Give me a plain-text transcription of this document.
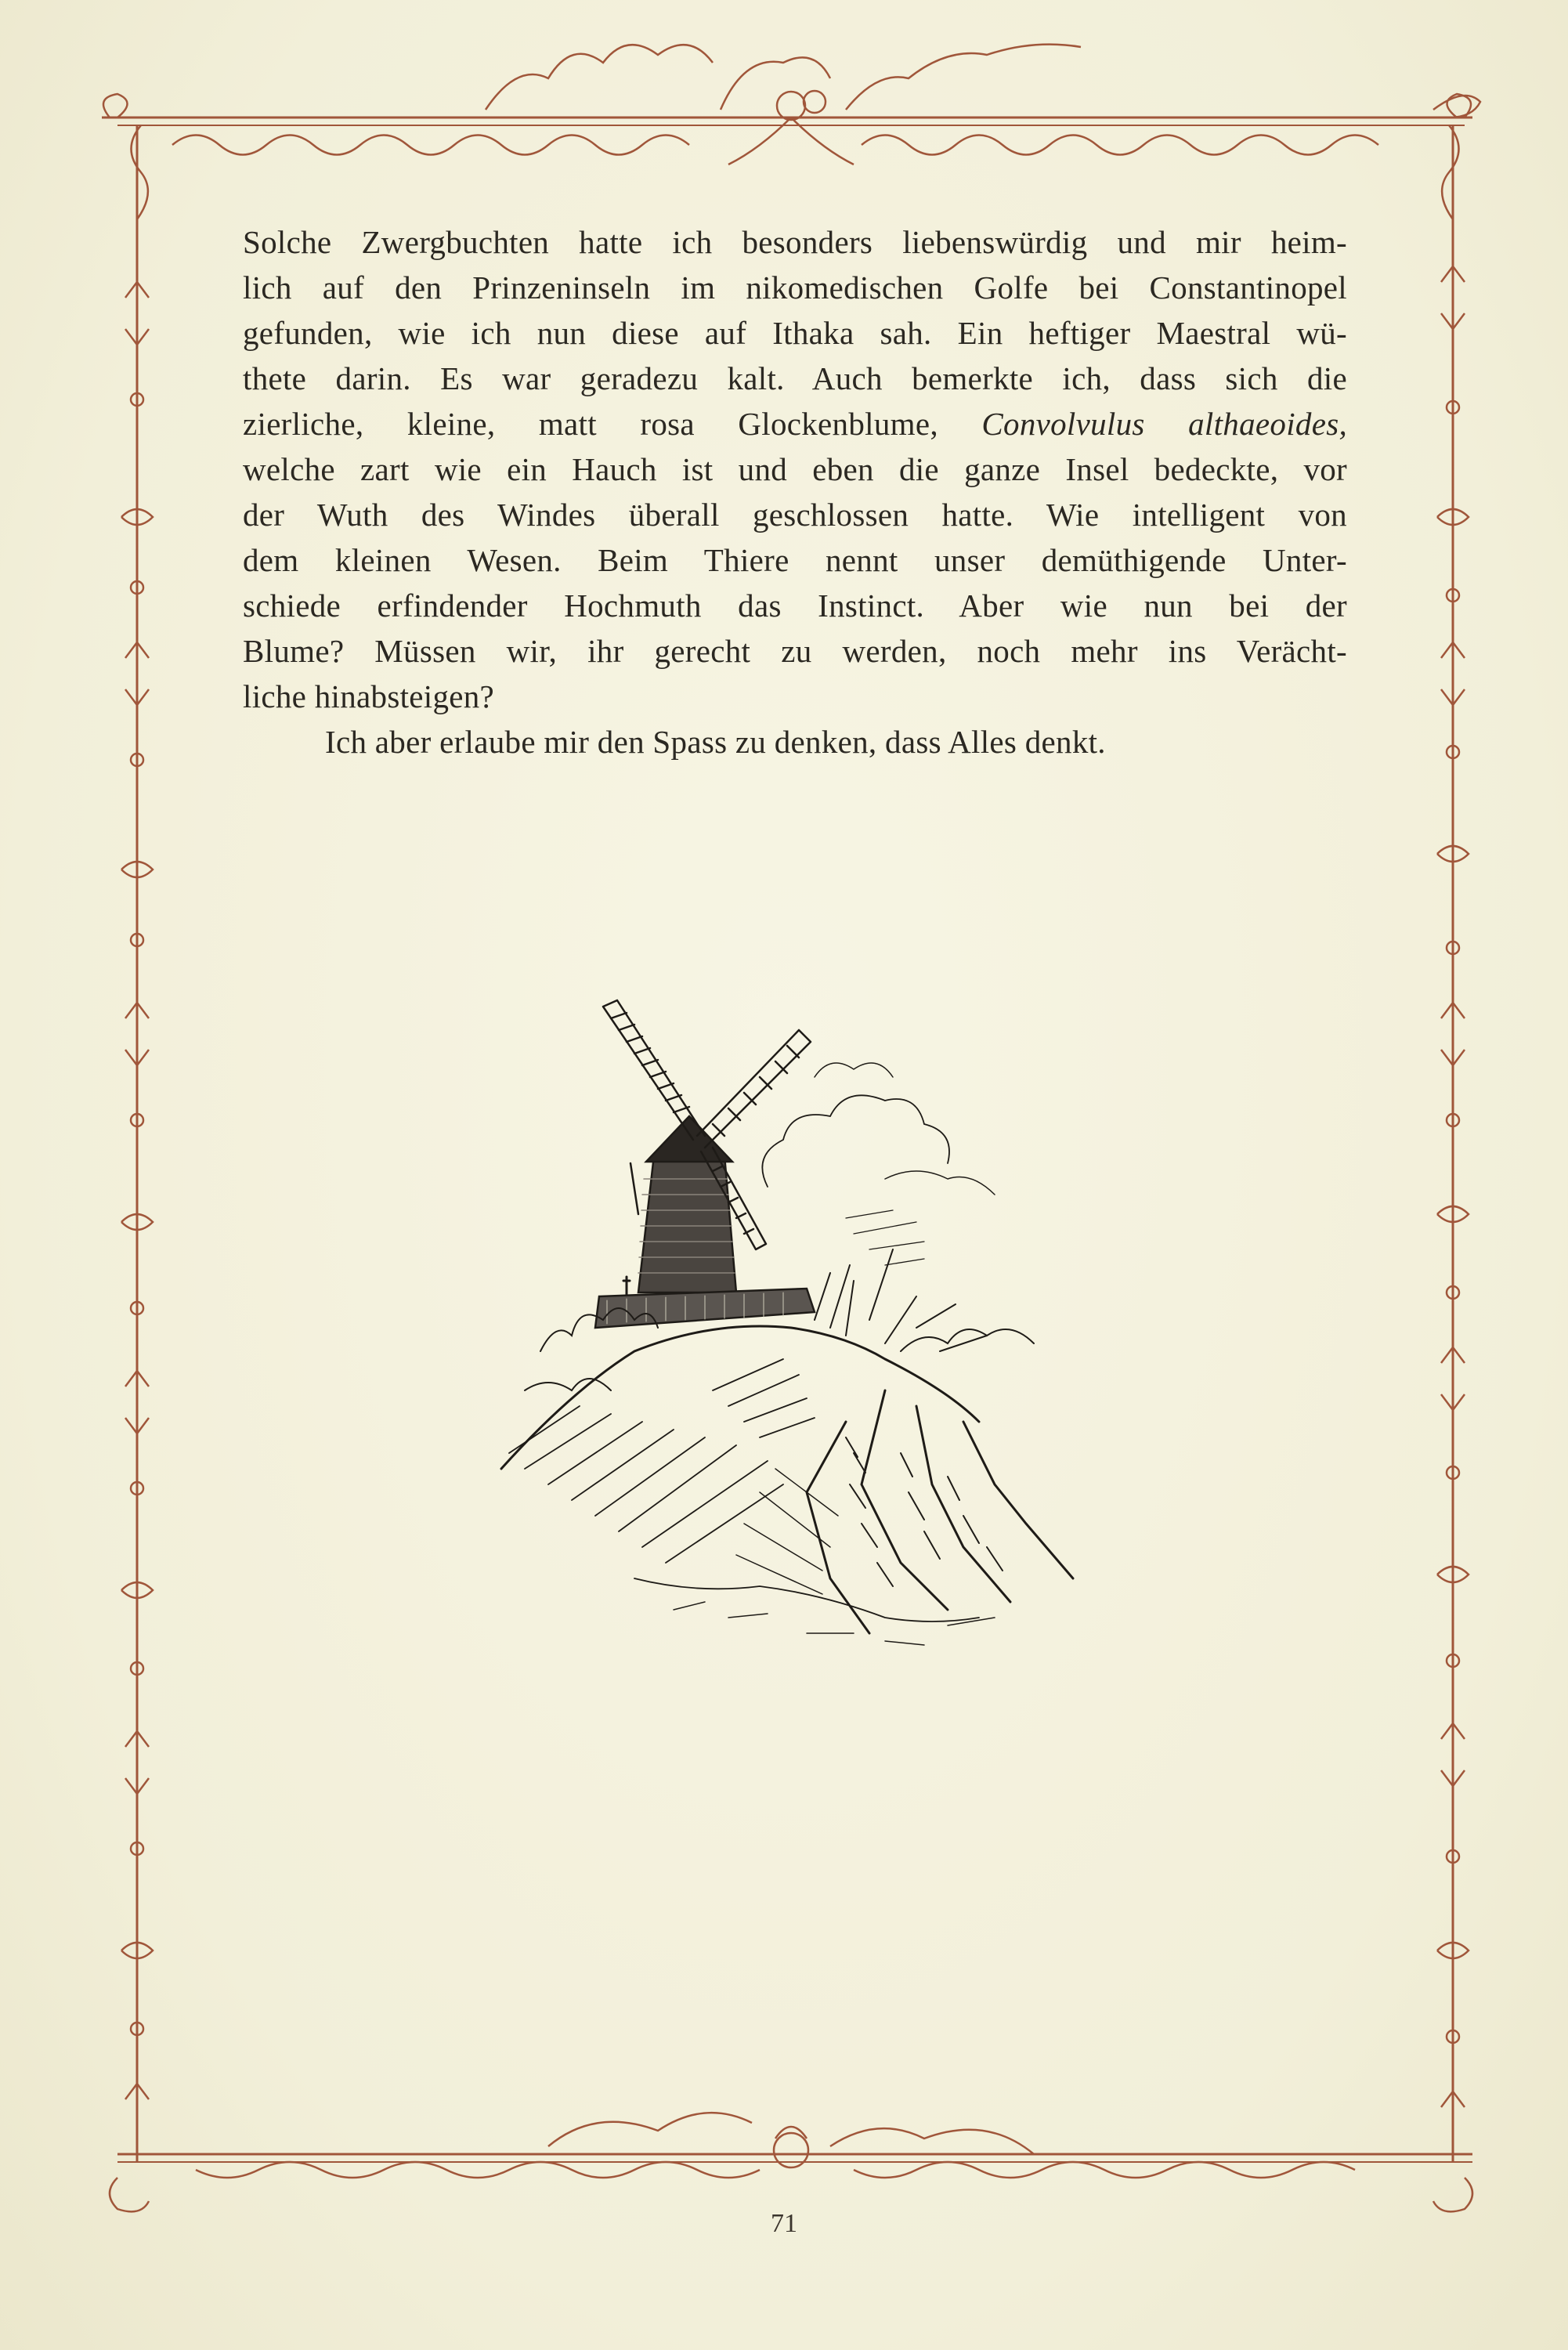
Solche Zwergbuchten hatte ich besonders liebenswürdig und mir heim-
lich auf den Prinzeninseln im nikomedischen Golfe bei Constantinopel
gefunden, wie ich nun diese auf Ithaka sah. Ein heftiger Maestral wü-
thete darin. Es war geradezu kalt. Auch bemerkte ich, dass sich die
zierliche, kleine, matt rosa Glockenblume, Convolvulus althaeoides,
welche zart wie ein Hauch ist und eben die ganze Insel bedeckte, vor
der Wuth des Windes überall geschlossen hatte. Wie intelligent von
dem kleinen Wesen. Beim Thiere nennt unser demüthigende Unter-
schiede erfindender Hochmuth das Instinct. Aber wie nun bei der
Blume? Müssen wir, ihr gerecht zu werden, noch mehr ins Verächt-
liche hinabsteigen?

Ich aber erlaube mir den Spass zu denken, dass Alles denkt.

71
